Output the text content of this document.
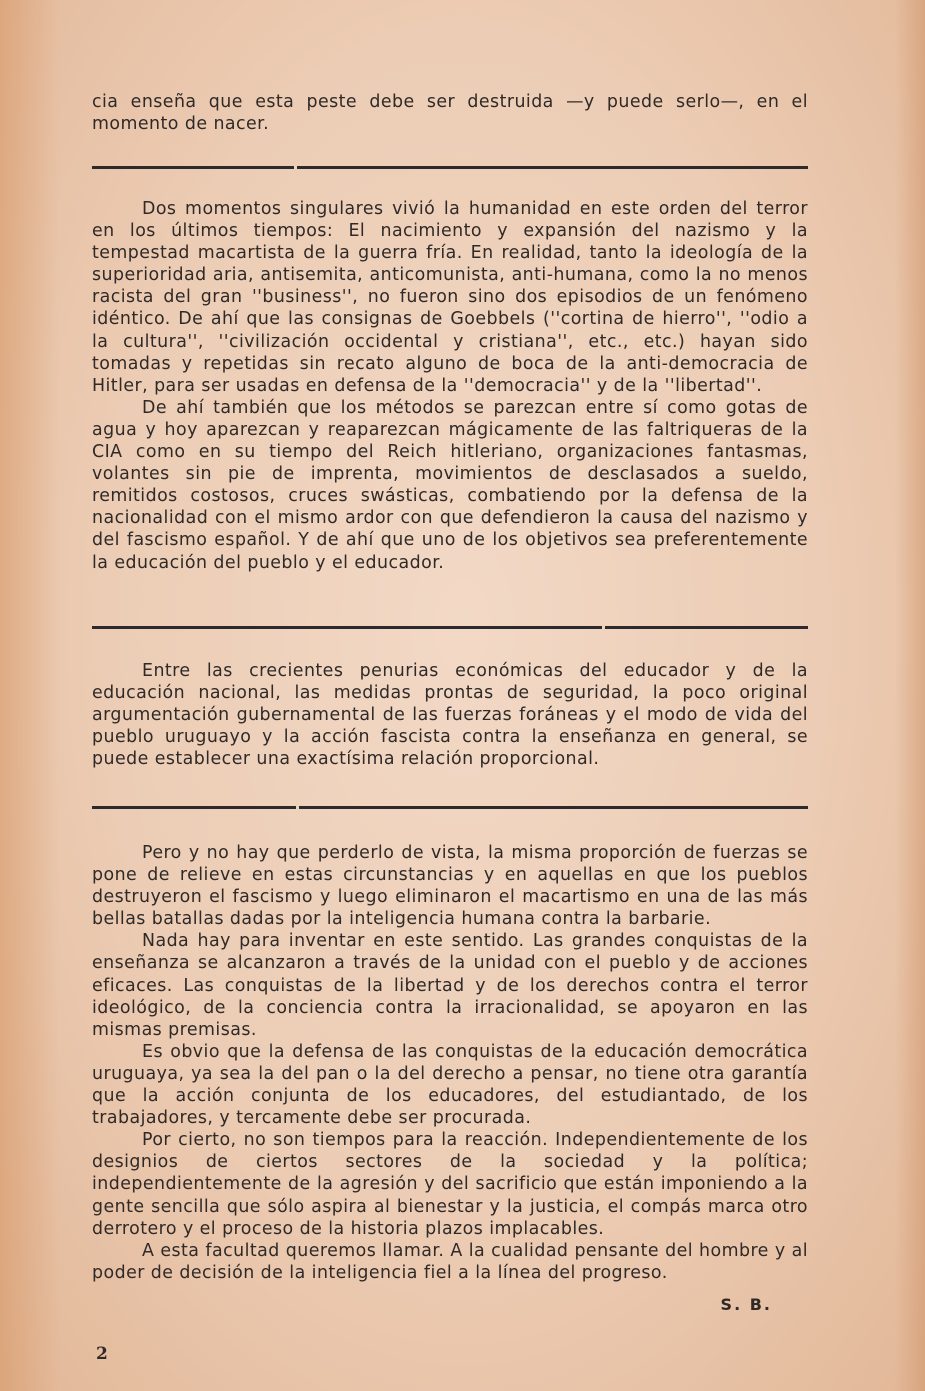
cia enseña que esta peste debe ser destruida —y puede serlo—, en el momento de nacer.

Dos momentos singulares vivió la humanidad en este orden del terror en los últimos tiempos: El nacimiento y expansión del nazismo y la tempestad macartista de la guerra fría. En realidad, tanto la ideología de la superioridad aria, antisemita, anticomunista, anti-humana, como la no menos racista del gran ''business'', no fueron sino dos episodios de un fenómeno idéntico. De ahí que las consignas de Goebbels (''cortina de hierro'', ''odio a la cultura'', ''civilización occidental y cristiana'', etc., etc.) hayan sido tomadas y repetidas sin recato alguno de boca de la anti-democracia de Hitler, para ser usadas en defensa de la ''democracia'' y de la ''libertad''.

De ahí también que los métodos se parezcan entre sí como gotas de agua y hoy aparezcan y reaparezcan mágicamente de las faltriqueras de la CIA como en su tiempo del Reich hitleriano, organizaciones fantasmas, volantes sin pie de imprenta, movimientos de desclasados a sueldo, remitidos costosos, cruces swásticas, combatiendo por la defensa de la nacionalidad con el mismo ardor con que defendieron la causa del nazismo y del fascismo español. Y de ahí que uno de los objetivos sea preferentemente la educación del pueblo y el educador.

Entre las crecientes penurias económicas del educador y de la educación nacional, las medidas prontas de seguridad, la poco original argumentación gubernamental de las fuerzas foráneas y el modo de vida del pueblo uruguayo y la acción fascista contra la enseñanza en general, se puede establecer una exactísima relación proporcional.

Pero y no hay que perderlo de vista, la misma proporción de fuerzas se pone de relieve en estas circunstancias y en aquellas en que los pueblos destruyeron el fascismo y luego eliminaron el macartismo en una de las más bellas batallas dadas por la inteligencia humana contra la barbarie.

Nada hay para inventar en este sentido. Las grandes conquistas de la enseñanza se alcanzaron a través de la unidad con el pueblo y de acciones eficaces. Las conquistas de la libertad y de los derechos contra el terror ideológico, de la conciencia contra la irracionalidad, se apoyaron en las mismas premisas.

Es obvio que la defensa de las conquistas de la educación democrática uruguaya, ya sea la del pan o la del derecho a pensar, no tiene otra garantía que la acción conjunta de los educadores, del estudiantado, de los trabajadores, y tercamente debe ser procurada.

Por cierto, no son tiempos para la reacción. Independientemente de los designios de ciertos sectores de la sociedad y la política; independientemente de la agresión y del sacrificio que están imponiendo a la gente sencilla que sólo aspira al bienestar y la justicia, el compás marca otro derrotero y el proceso de la historia plazos implacables.

A esta facultad queremos llamar. A la cualidad pensante del hombre y al poder de decisión de la inteligencia fiel a la línea del progreso.

S. B.
2
